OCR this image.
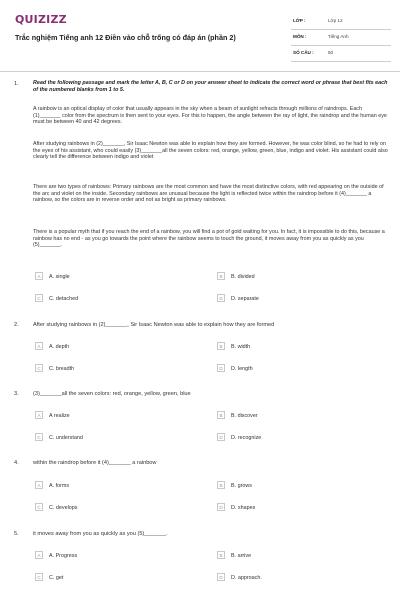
QUIZIZZ
Trắc nghiệm Tiếng anh 12 Điền vào chỗ trống có đáp án (phần 2)
LỚP :	Lớp 12
MÔN :	Tiếng Anh
SỐ CÂU :	50
1.	Read the following passage and mark the letter A, B, C or D on your answer sheet to indicate the correct word or phrase that best fits each of the numbered blanks from 1 to 5.
A rainbow is an optical display of color that usually appears in the sky when a beam of sunlight refracts through millions of raindrops. Each (1)_______ color from the spectrum is then sent to your eyes. For this to happen, the angle between the ray of light, the raindrop and the human eye must be between 40 and 42 degrees.
After studying rainbows in (2)_______, Sir Isaac Newton was able to explain how they are formed. However, he was color blind, so he had to rely on the eyes of his assistant, who could easily (3)_______all the seven colors: red, orange, yellow, green, blue, indigo and violet. His assistant could also clearly tell the difference between indigo and violet
There are two types of rainbows: Primary rainbows are the most common and have the most distinctive colors, with red appearing on the outside of the arc and violet on the inside. Secondary rainbows are unusual because the light is reflected twice within the raindrop before it (4)_______ a rainbow, so the colors are in reverse order and not as bright as primary rainbows.
There is a popular myth that if you reach the end of a rainbow, you will find a pot of gold waiting for you. In fact, it is impossible to do this, because a rainbow has no end - as you go towards the point where the rainbow seems to touch the ground, it moves away from you as quickly as you (5)_______.
A	A. single	B	B. divided
C	C. detached	D	D. separate
2.	After studying rainbows in (2)_______, Sir Isaac Newton was able to explain how they are formed
A	A. depth	B	B. width
C	C. breadth	D	D. length
3.	(3)_______all the seven colors: red, orange, yellow, green, blue
A	A realize	B	B. discover
C	C. understand	D	D. recognize
4.	within the raindrop before it (4)_______ a rainbow
A	A. forms	B	B. grows
C	C. develops	D	D. shapes
5.	it moves away from you as quickly as you (5)_______.
A	A. Progress	B	B. arrive
C	C. get	D	D. approach.
